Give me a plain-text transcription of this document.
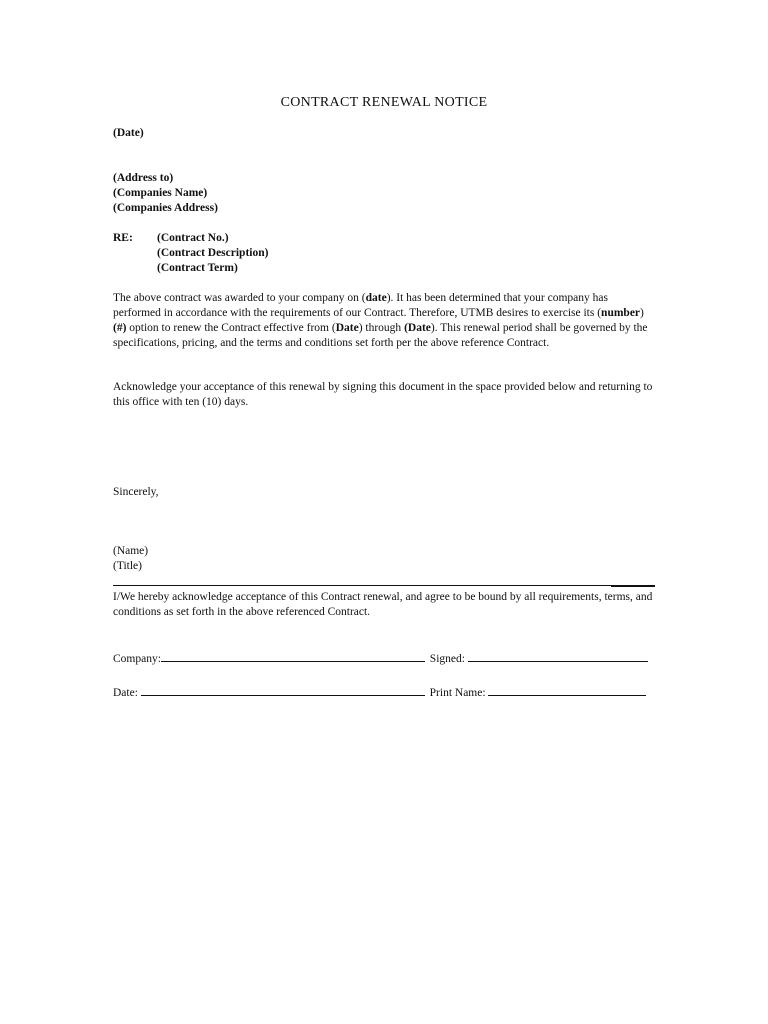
CONTRACT RENEWAL NOTICE
(Date)
(Address to)
(Companies Name)
(Companies Address)
RE: (Contract No.)
(Contract Description)
(Contract Term)
The above contract was awarded to your company on (date). It has been determined that your company has performed in accordance with the requirements of our Contract. Therefore, UTMB desires to exercise its (number) (#) option to renew the Contract effective from (Date) through (Date). This renewal period shall be governed by the specifications, pricing, and the terms and conditions set forth per the above reference Contract.
Acknowledge your acceptance of this renewal by signing this document in the space provided below and returning to this office with ten (10) days.
Sincerely,
(Name)
(Title)
I/We hereby acknowledge acceptance of this Contract renewal, and agree to be bound by all requirements, terms, and conditions as set forth in the above referenced Contract.
Company:	Signed:
Date:	Print Name:
